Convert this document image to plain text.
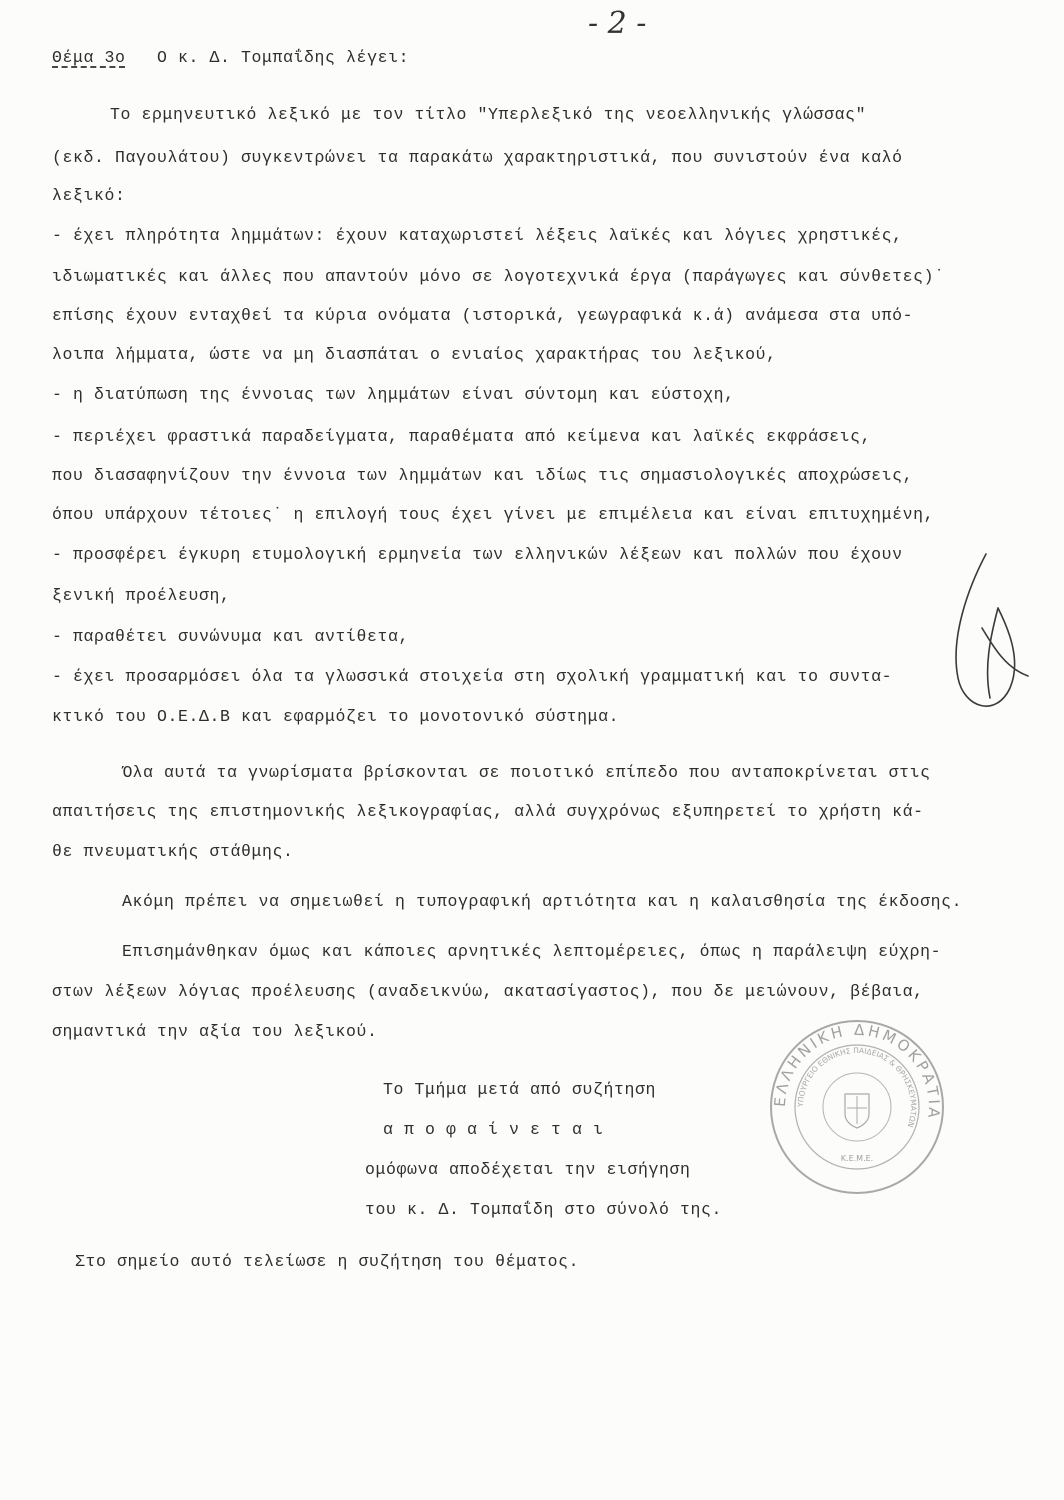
- 2 -
Θέμα 3ο Ο κ. Δ. Τομπαΐδης λέγει:
Το ερμηνευτικό λεξικό με τον τίτλο "Υπερλεξικό της νεοελληνικής γλώσσας"
(εκδ. Παγουλάτου) συγκεντρώνει τα παρακάτω χαρακτηριστικά, που συνιστούν ένα καλό
λεξικό:
- έχει πληρότητα λημμάτων: έχουν καταχωριστεί λέξεις λαϊκές και λόγιες χρηστικές,
ιδιωματικές και άλλες που απαντούν μόνο σε λογοτεχνικά έργα (παράγωγες και σύνθετες)˙
επίσης έχουν ενταχθεί τα κύρια ονόματα (ιστορικά, γεωγραφικά κ.ά) ανάμεσα στα υπό-
λοιπα λήμματα, ώστε να μη διασπάται ο ενιαίος χαρακτήρας του λεξικού,
- η διατύπωση της έννοιας των λημμάτων είναι σύντομη και εύστοχη,
- περιέχει φραστικά παραδείγματα, παραθέματα από κείμενα και λαϊκές εκφράσεις,
που διασαφηνίζουν την έννοια των λημμάτων και ιδίως τις σημασιολογικές αποχρώσεις,
όπου υπάρχουν τέτοιες˙ η επιλογή τους έχει γίνει με επιμέλεια και είναι επιτυχημένη,
- προσφέρει έγκυρη ετυμολογική ερμηνεία των ελληνικών λέξεων και πολλών που έχουν
ξενική προέλευση,
- παραθέτει συνώνυμα και αντίθετα,
- έχει προσαρμόσει όλα τα γλωσσικά στοιχεία στη σχολική γραμματική και το συντα-
κτικό του Ο.Ε.Δ.Β και εφαρμόζει το μονοτονικό σύστημα.
Όλα αυτά τα γνωρίσματα βρίσκονται σε ποιοτικό επίπεδο που ανταποκρίνεται στις
απαιτήσεις της επιστημονικής λεξικογραφίας, αλλά συγχρόνως εξυπηρετεί το χρήστη κά-
θε πνευματικής στάθμης.
Ακόμη πρέπει να σημειωθεί η τυπογραφική αρτιότητα και η καλαισθησία της έκδοσης.
Επισημάνθηκαν όμως και κάποιες αρνητικές λεπτομέρειες, όπως η παράλειψη εύχρη-
στων λέξεων λόγιας προέλευσης (αναδεικνύω, ακατασίγαστος), που δε μειώνουν, βέβαια,
σημαντικά την αξία του λεξικού.
Το Τμήμα μετά από συζήτηση
α π ο φ α ί ν ε τ α ι
ομόφωνα αποδέχεται την εισήγηση
του κ. Δ. Τομπαΐδη στο σύνολό της.
Στο σημείο αυτό τελείωσε η συζήτηση του θέματος.
ΕΛΛΗΝΙΚΗ ΔΗΜΟΚΡΑΤΙΑ
ΥΠΟΥΡΓΕΙΟ ΕΘΝΙΚΗΣ ΠΑΙΔΕΙΑΣ & ΘΡΗΣΚΕΥΜΑΤΩΝ
Κ.Ε.Μ.Ε.
